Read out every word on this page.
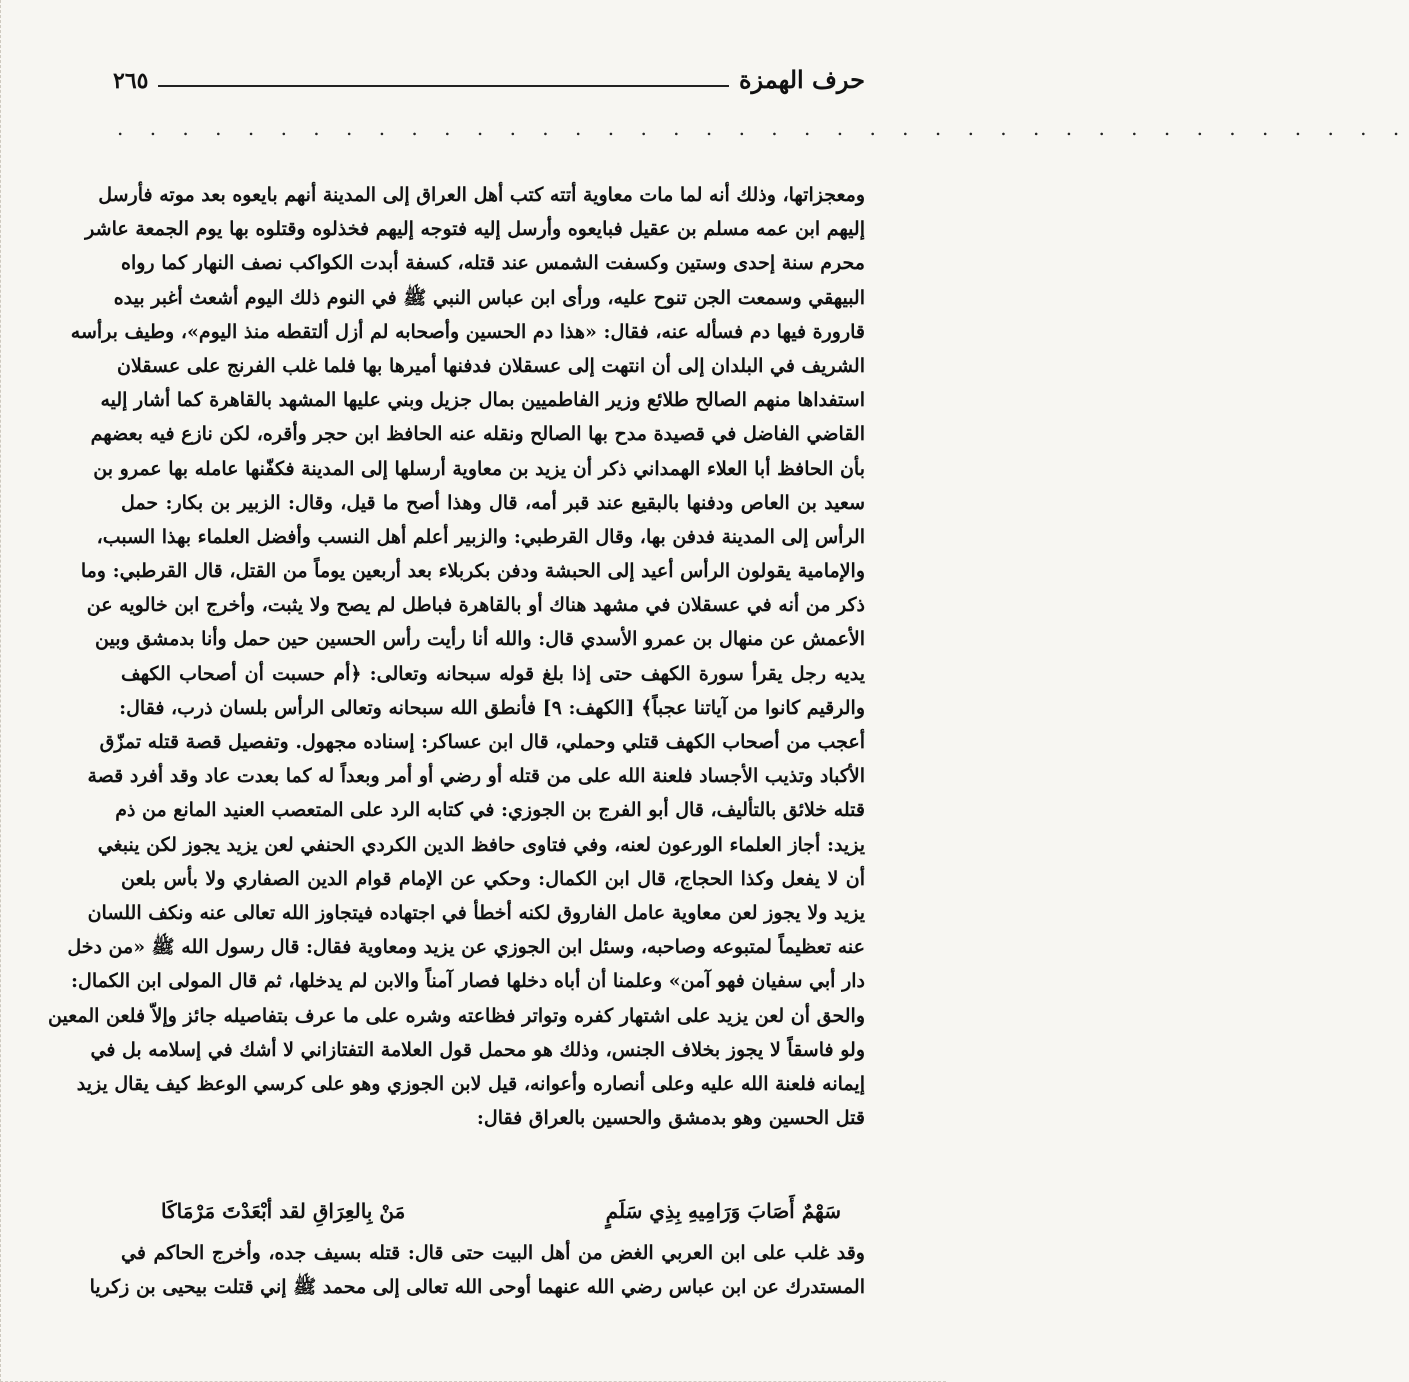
حرف الهمزة
٢٦٥
. . . . . . . . . . . . . . . . . . . . . . . . . . . . . . . . . . . . . . . .
ومعجزاتها، وذلك أنه لما مات معاوية أتته كتب أهل العراق إلى المدينة أنهم بايعوه بعد موته فأرسل
إليهم ابن عمه مسلم بن عقيل فبايعوه وأرسل إليه فتوجه إليهم فخذلوه وقتلوه بها يوم الجمعة عاشر
محرم سنة إحدى وستين وكسفت الشمس عند قتله، كسفة أبدت الكواكب نصف النهار كما رواه
البيهقي وسمعت الجن تنوح عليه، ورأى ابن عباس النبي ﷺ في النوم ذلك اليوم أشعث أغبر بيده
قارورة فيها دم فسأله عنه، فقال: «هذا دم الحسين وأصحابه لم أزل ألتقطه منذ اليوم»، وطيف برأسه
الشريف في البلدان إلى أن انتهت إلى عسقلان فدفنها أميرها بها فلما غلب الفرنج على عسقلان
استفداها منهم الصالح طلائع وزير الفاطميين بمال جزيل وبني عليها المشهد بالقاهرة كما أشار إليه
القاضي الفاضل في قصيدة مدح بها الصالح ونقله عنه الحافظ ابن حجر وأقره، لكن نازع فيه بعضهم
بأن الحافظ أبا العلاء الهمداني ذكر أن يزيد بن معاوية أرسلها إلى المدينة فكفّنها عامله بها عمرو بن
سعيد بن العاص ودفنها بالبقيع عند قبر أمه، قال وهذا أصح ما قيل، وقال: الزبير بن بكار: حمل
الرأس إلى المدينة فدفن بها، وقال القرطبي: والزبير أعلم أهل النسب وأفضل العلماء بهذا السبب،
والإمامية يقولون الرأس أعيد إلى الحبشة ودفن بكربلاء بعد أربعين يوماً من القتل، قال القرطبي: وما
ذكر من أنه في عسقلان في مشهد هناك أو بالقاهرة فباطل لم يصح ولا يثبت، وأخرج ابن خالويه عن
الأعمش عن منهال بن عمرو الأسدي قال: والله أنا رأيت رأس الحسين حين حمل وأنا بدمشق وبين
يديه رجل يقرأ سورة الكهف حتى إذا بلغ قوله سبحانه وتعالى: ﴿أم حسبت أن أصحاب الكهف
والرقيم كانوا من آياتنا عجباً﴾ [الكهف: ٩] فأنطق الله سبحانه وتعالى الرأس بلسان ذرب، فقال:
أعجب من أصحاب الكهف قتلي وحملي، قال ابن عساكر: إسناده مجهول. وتفصيل قصة قتله تمزّق
الأكباد وتذيب الأجساد فلعنة الله على من قتله أو رضي أو أمر وبعداً له كما بعدت عاد وقد أفرد قصة
قتله خلائق بالتأليف، قال أبو الفرج بن الجوزي: في كتابه الرد على المتعصب العنيد المانع من ذم
يزيد: أجاز العلماء الورعون لعنه، وفي فتاوى حافظ الدين الكردي الحنفي لعن يزيد يجوز لكن ينبغي
أن لا يفعل وكذا الحجاج، قال ابن الكمال: وحكي عن الإمام قوام الدين الصفاري ولا بأس بلعن
يزيد ولا يجوز لعن معاوية عامل الفاروق لكنه أخطأ في اجتهاده فيتجاوز الله تعالى عنه ونكف اللسان
عنه تعظيماً لمتبوعه وصاحبه، وسئل ابن الجوزي عن يزيد ومعاوية فقال: قال رسول الله ﷺ «من دخل
دار أبي سفيان فهو آمن» وعلمنا أن أباه دخلها فصار آمناً والابن لم يدخلها، ثم قال المولى ابن الكمال:
والحق أن لعن يزيد على اشتهار كفره وتواتر فظاعته وشره على ما عرف بتفاصيله جائز وإلاّ فلعن المعين
ولو فاسقاً لا يجوز بخلاف الجنس، وذلك هو محمل قول العلامة التفتازاني لا أشك في إسلامه بل في
إيمانه فلعنة الله عليه وعلى أنصاره وأعوانه، قيل لابن الجوزي وهو على كرسي الوعظ كيف يقال يزيد
قتل الحسين وهو بدمشق والحسين بالعراق فقال:
سَهْمٌ أَصَابَ وَرَامِيهِ بِذِي سَلَمٍ
مَنْ بِالعِرَاقِ لقد أبْعَدْتَ مَرْمَاكَا
وقد غلب على ابن العربي الغض من أهل البيت حتى قال: قتله بسيف جده، وأخرج الحاكم في
المستدرك عن ابن عباس رضي الله عنهما أوحى الله تعالى إلى محمد ﷺ إني قتلت بيحيى بن زكريا
